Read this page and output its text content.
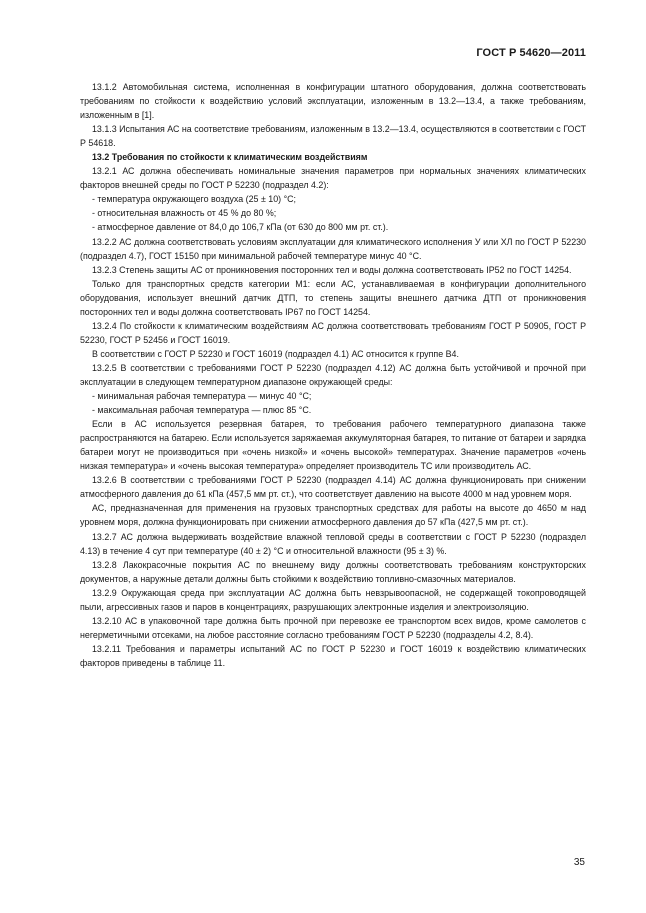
ГОСТ Р 54620—2011

13.1.2 Автомобильная система, исполненная в конфигурации штатного оборудования, должна соответствовать требованиям по стойкости к воздействию условий эксплуатации, изложенным в 13.2—13.4, а также требованиям, изложенным в [1].

13.1.3 Испытания АС на соответствие требованиям, изложенным в 13.2—13.4, осуществляются в соответствии с ГОСТ Р 54618.

13.2 Требования по стойкости к климатическим воздействиям

13.2.1 АС должна обеспечивать номинальные значения параметров при нормальных значениях климатических факторов внешней среды по ГОСТ Р 52230 (подраздел 4.2):

- температура окружающего воздуха (25 ± 10) °С;

- относительная влажность от 45 % до 80 %;

- атмосферное давление от 84,0 до 106,7 кПа (от 630 до 800 мм рт. ст.).

13.2.2 АС должна соответствовать условиям эксплуатации для климатического исполнения У или ХЛ по ГОСТ Р 52230 (подраздел 4.7), ГОСТ 15150 при минимальной рабочей температуре минус 40 °С.

13.2.3 Степень защиты АС от проникновения посторонних тел и воды должна соответствовать IP52 по ГОСТ 14254.

Только для транспортных средств категории M1: если АС, устанавливаемая в конфигурации дополнительного оборудования, использует внешний датчик ДТП, то степень защиты внешнего датчика ДТП от проникновения посторонних тел и воды должна соответствовать IP67 по ГОСТ 14254.

13.2.4 По стойкости к климатическим воздействиям АС должна соответствовать требованиям ГОСТ Р 50905, ГОСТ Р 52230, ГОСТ Р 52456 и ГОСТ 16019.

В соответствии с ГОСТ Р 52230 и ГОСТ 16019 (подраздел 4.1) АС относится к группе В4.

13.2.5 В соответствии с требованиями ГОСТ Р 52230 (подраздел 4.12) АС должна быть устойчивой и прочной при эксплуатации в следующем температурном диапазоне окружающей среды:

- минимальная рабочая температура — минус 40 °С;

- максимальная рабочая температура — плюс 85 °С.

Если в АС используется резервная батарея, то требования рабочего температурного диапазона также распространяются на батарею. Если используется заряжаемая аккумуляторная батарея, то питание от батареи и зарядка батареи могут не производиться при «очень низкой» и «очень высокой» температурах. Значение параметров «очень низкая температура» и «очень высокая температура» определяет производитель ТС или производитель АС.

13.2.6 В соответствии с требованиями ГОСТ Р 52230 (подраздел 4.14) АС должна функционировать при снижении атмосферного давления до 61 кПа (457,5 мм рт. ст.), что соответствует давлению на высоте 4000 м над уровнем моря.

АС, предназначенная для применения на грузовых транспортных средствах для работы на высоте до 4650 м над уровнем моря, должна функционировать при снижении атмосферного давления до 57 кПа (427,5 мм рт. ст.).

13.2.7 АС должна выдерживать воздействие влажной тепловой среды в соответствии с ГОСТ Р 52230 (подраздел 4.13) в течение 4 сут при температуре (40 ± 2) °С и относительной влажности (95 ± 3) %.

13.2.8 Лакокрасочные покрытия АС по внешнему виду должны соответствовать требованиям конструкторских документов, а наружные детали должны быть стойкими к воздействию топливно-смазочных материалов.

13.2.9 Окружающая среда при эксплуатации АС должна быть невзрывоопасной, не содержащей токопроводящей пыли, агрессивных газов и паров в концентрациях, разрушающих электронные изделия и электроизоляцию.

13.2.10 АС в упаковочной таре должна быть прочной при перевозке ее транспортом всех видов, кроме самолетов с негерметичными отсеками, на любое расстояние согласно требованиям ГОСТ Р 52230 (подразделы 4.2, 8.4).

13.2.11 Требования и параметры испытаний АС по ГОСТ Р 52230 и ГОСТ 16019 к воздействию климатических факторов приведены в таблице 11.

35
